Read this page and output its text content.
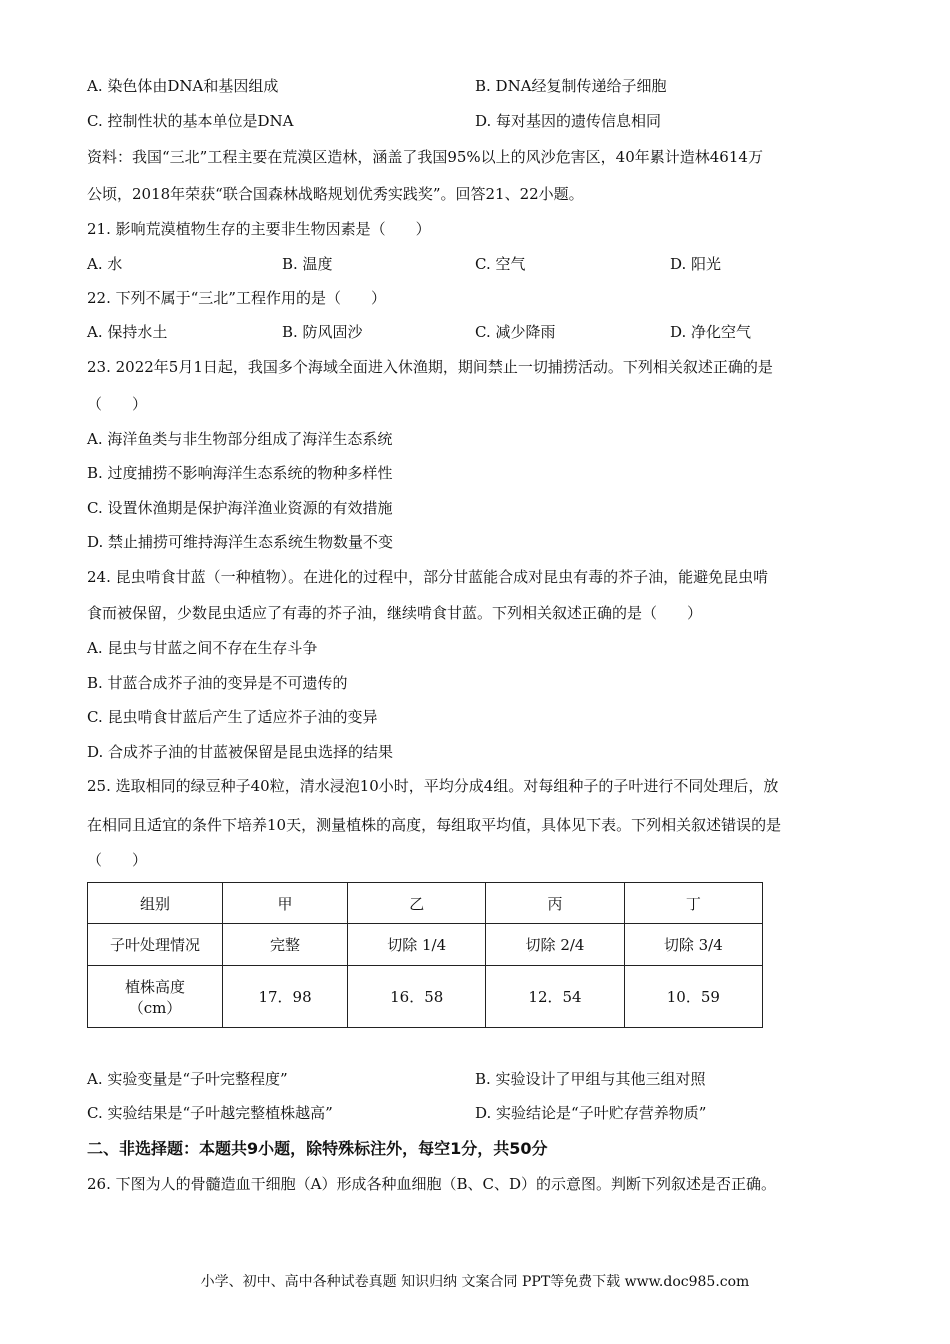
A. 染色体由DNA和基因组成	B. DNA经复制传递给子细胞
C. 控制性状的基本单位是DNA	D. 每对基因的遗传信息相同
资料：我国“三北”工程主要在荒漠区造林，涵盖了我国95%以上的风沙危害区，40年累计造林4614万
公顷，2018年荣获“联合国森林战略规划优秀实践奖”。回答21、22小题。
21. 影响荒漠植物生存的主要非生物因素是（　　）
A. 水	B. 温度	C. 空气	D. 阳光
22. 下列不属于“三北”工程作用的是（　　）
A. 保持水土	B. 防风固沙	C. 减少降雨	D. 净化空气
23. 2022年5月1日起，我国多个海域全面进入休渔期，期间禁止一切捕捞活动。下列相关叙述正确的是
（　　）
A. 海洋鱼类与非生物部分组成了海洋生态系统
B. 过度捕捞不影响海洋生态系统的物种多样性
C. 设置休渔期是保护海洋渔业资源的有效措施
D. 禁止捕捞可维持海洋生态系统生物数量不变
24. 昆虫啃食甘蓝（一种植物）。在进化的过程中，部分甘蓝能合成对昆虫有毒的芥子油，能避免昆虫啃
食而被保留，少数昆虫适应了有毒的芥子油，继续啃食甘蓝。下列相关叙述正确的是（　　）
A. 昆虫与甘蓝之间不存在生存斗争
B. 甘蓝合成芥子油的变异是不可遗传的
C. 昆虫啃食甘蓝后产生了适应芥子油的变异
D. 合成芥子油的甘蓝被保留是昆虫选择的结果
25. 选取相同的绿豆种子40粒，清水浸泡10小时，平均分成4组。对每组种子的子叶进行不同处理后，放
在相同且适宜的条件下培养10天，测量植株的高度，每组取平均值，具体见下表。下列相关叙述错误的是
（　　）
组别	甲	乙	丙	丁
子叶处理情况	完整	切除 1/4	切除 2/4	切除 3/4

植株高度
（cm）	17．98	16．58	12．54	10．59
A. 实验变量是“子叶完整程度”	B. 实验设计了甲组与其他三组对照
C. 实验结果是“子叶越完整植株越高”	D. 实验结论是“子叶贮存营养物质”
二、非选择题：本题共9小题，除特殊标注外，每空1分，共50分
26. 下图为人的骨髓造血干细胞（A）形成各种血细胞（B、C、D）的示意图。判断下列叙述是否正确。
小学、初中、高中各种试卷真题 知识归纳 文案合同 PPT等免费下载 www.doc985.com
